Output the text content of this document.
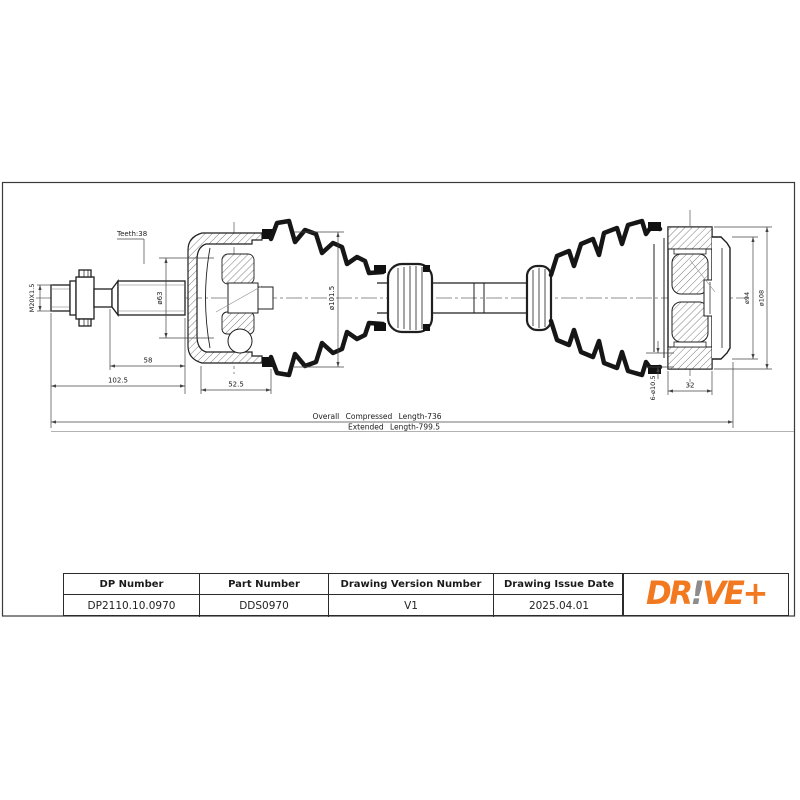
Teeth:38
M20X1.5	ø63	ø101.5	ø94 ø108
6-ø10.5
58
102.5	52.5	32
Overall Compressed Length-736
Extended Length-799.5
DP Number	Part Number	Drawing Version Number	Drawing Issue Date
DP2110.10.0970	DDS0970	V1	2025.04.01	DR!VE+
